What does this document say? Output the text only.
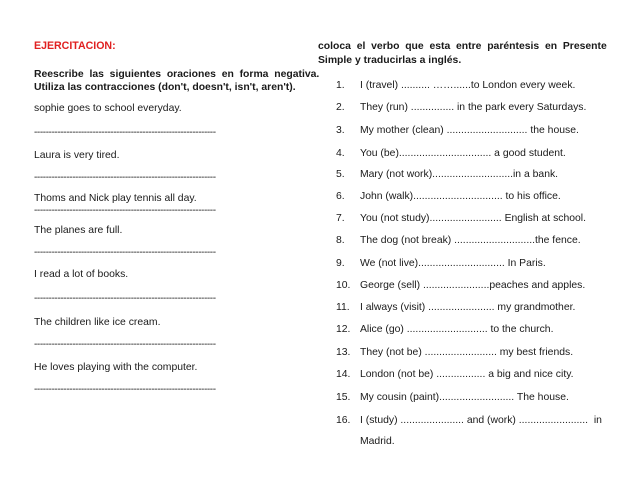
EJERCITACION:
Reescribe  las  siguientes  oraciones  en  forma  negativa.
Utiliza las contracciones (don't, doesn't, isn't, aren't).
sophie goes to school everyday.
--------------------------------------------------------------
Laura is very tired.
--------------------------------------------------------------
Thoms and Nick play tennis all day.
--------------------------------------------------------------
The planes are full.
--------------------------------------------------------------
I read a lot of books.
--------------------------------------------------------------
The children like ice cream.
--------------------------------------------------------------
He loves playing with the computer.
--------------------------------------------------------------
coloca  el  verbo  que  esta  entre  paréntesis  en  Presente
Simple y traducirlas a inglés.
1. I (travel) .......... ……......to London every week.
2. They (run) ............... in the park every Saturdays.
3. My mother (clean) ............................ the house.
4. You (be)................................ a good student.
5. Mary (not work)............................in a bank.
6. John (walk)............................... to his office.
7. You (not study)......................... English at school.
8. The dog (not break) ............................the fence.
9. We (not live).............................. In Paris.
10. George (sell) .......................peaches and apples.
11. I always (visit) ....................... my grandmother.
12. Alice (go) ............................ to the church.
13. They (not be) ......................... my best friends.
14. London (not be) ................. a big and nice city.
15. My cousin (paint).......................... The house.
16. I (study) ...................... and (work) ........................  in
Madrid.
